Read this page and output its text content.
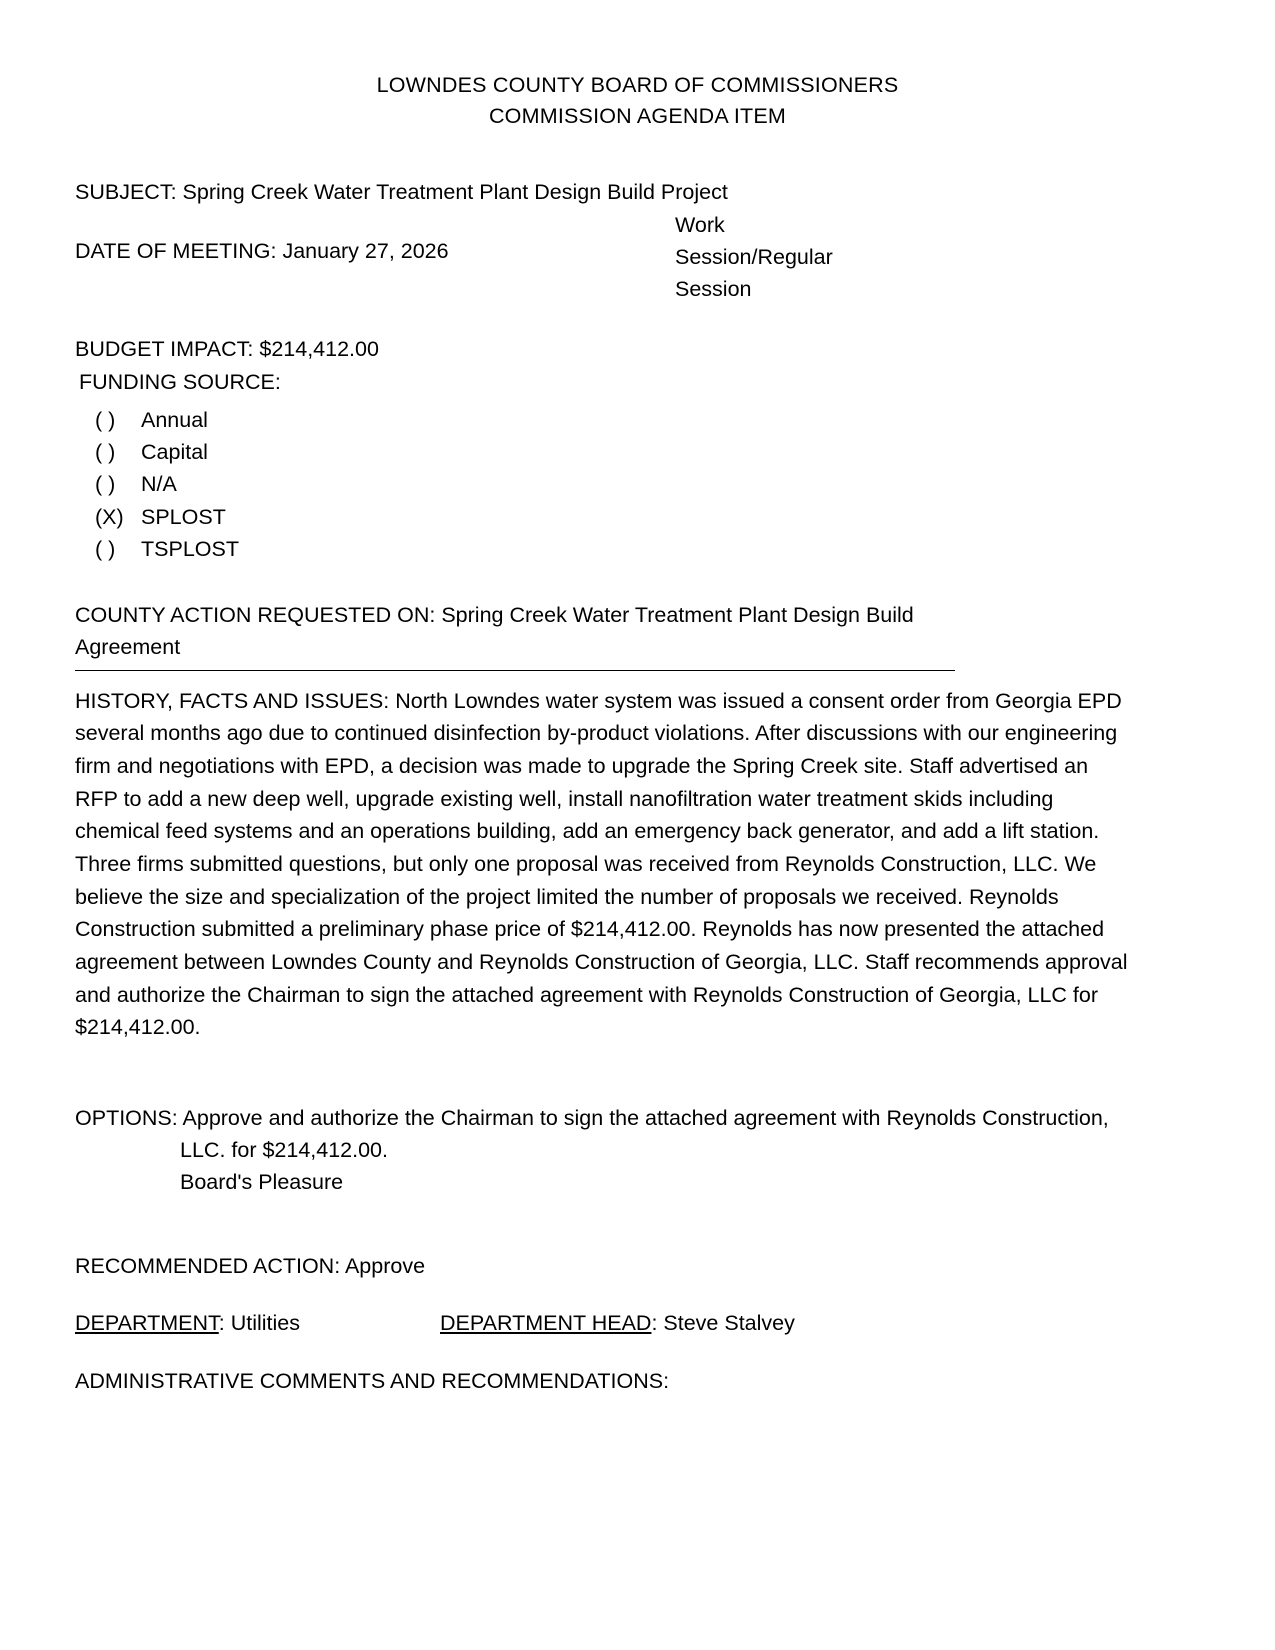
LOWNDES COUNTY BOARD OF COMMISSIONERS
COMMISSION AGENDA ITEM
SUBJECT: Spring Creek Water Treatment Plant Design Build Project
DATE OF MEETING: January 27, 2026
Work
Session/Regular
Session
BUDGET IMPACT: $214,412.00
FUNDING SOURCE:
( ) Annual
( ) Capital
( ) N/A
(X) SPLOST
( ) TSPLOST
COUNTY ACTION REQUESTED ON: Spring Creek Water Treatment Plant Design Build Agreement
HISTORY, FACTS AND ISSUES: North Lowndes water system was issued a consent order from Georgia EPD several months ago due to continued disinfection by-product violations. After discussions with our engineering firm and negotiations with EPD, a decision was made to upgrade the Spring Creek site. Staff advertised an RFP to add a new deep well, upgrade existing well, install nanofiltration water treatment skids including chemical feed systems and an operations building, add an emergency back generator, and add a lift station. Three firms submitted questions, but only one proposal was received from Reynolds Construction, LLC. We believe the size and specialization of the project limited the number of proposals we received. Reynolds Construction submitted a preliminary phase price of $214,412.00. Reynolds has now presented the attached agreement between Lowndes County and Reynolds Construction of Georgia, LLC. Staff recommends approval and authorize the Chairman to sign the attached agreement with Reynolds Construction of Georgia, LLC for $214,412.00.
OPTIONS: Approve and authorize the Chairman to sign the attached agreement with Reynolds Construction,
LLC. for $214,412.00.
Board's Pleasure
RECOMMENDED ACTION: Approve
DEPARTMENT: Utilities	DEPARTMENT HEAD: Steve Stalvey
ADMINISTRATIVE COMMENTS AND RECOMMENDATIONS:
